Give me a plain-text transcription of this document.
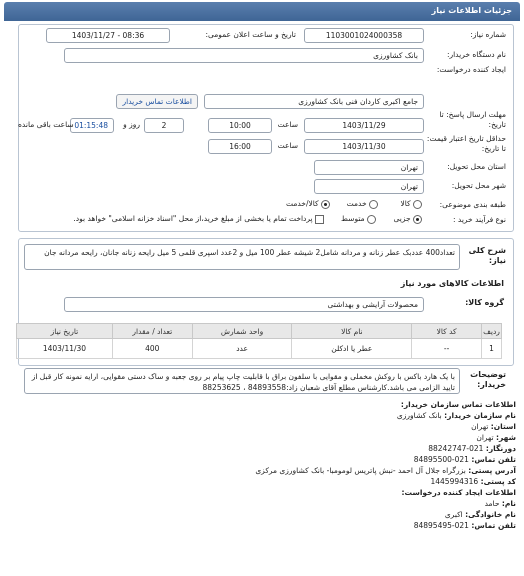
جزئیات اطلاعات نیاز
شماره نیاز:
1103001024000358
تاریخ و ساعت اعلان عمومی:
1403/11/27 - 08:36
نام دستگاه خریدار:
بانک کشاورزی
ایجاد کننده درخواست:
جامع اکبری کاردان فنی بانک کشاورزی
اطلاعات تماس خریدار
مهلت ارسال پاسخ: تا تاریخ:
1403/11/29
ساعت
10:00
2
روز و
01:15:48
ساعت باقی مانده
حداقل تاریخ اعتبار قیمت: تا تاریخ:
1403/11/30
ساعت
16:00
استان محل تحویل:
تهران
شهر محل تحویل:
تهران
طبقه بندی موضوعی:
کالا
خدمت
کالا/خدمت
نوع فرآیند خرید :
جزیی
متوسط
پرداخت تمام یا بخشی از مبلغ خرید،از محل "اسناد خزانه اسلامی" خواهد بود.
شرح کلی نیاز:
تعداد400 عددبک عطر زنانه و مردانه شامل2 شیشه عطر 100 میل و 2عدد اسپری قلمی 5 میل رایحه زنانه جانان، رایحه مردانه جان
اطلاعات کالاهای مورد نیاز
گروه کالا:
محصولات آرایشی و بهداشتی
ردیف	کد کالا	نام کالا	واحد شمارش	تعداد / مقدار	تاریخ نیاز
1	--	عطر یا ادکلن	عدد	400	1403/11/30
توضیحات خریدار:
با یک هارد باکس با روکش مخملی و مقوایی با سلفون براق با قابلیت چاپ پیام بر روی جعبه و ساک دستی مقوایی، ارایه نمونه کار قبل از تایید الزامی می باشد.کارشناس مطلع آقای شعبان زاد:84893558 ، 88253625
اطلاعات تماس سازمان خریدار:
نام سازمان خریدار: بانک کشاورزی
استان: تهران
شهر: تهران
دورنگار: 021-88242747
تلفن تماس: 021-84895500
آدرس پستی: بزرگراه جلال آل احمد -نبش پاتریس لومومبا- بانک کشاورزی مرکزی
کد پستی: 1445994316
اطلاعات ایجاد کننده درخواست:
نام: حامد
نام خانوادگی: اکبری
تلفن تماس: 021-84895495
